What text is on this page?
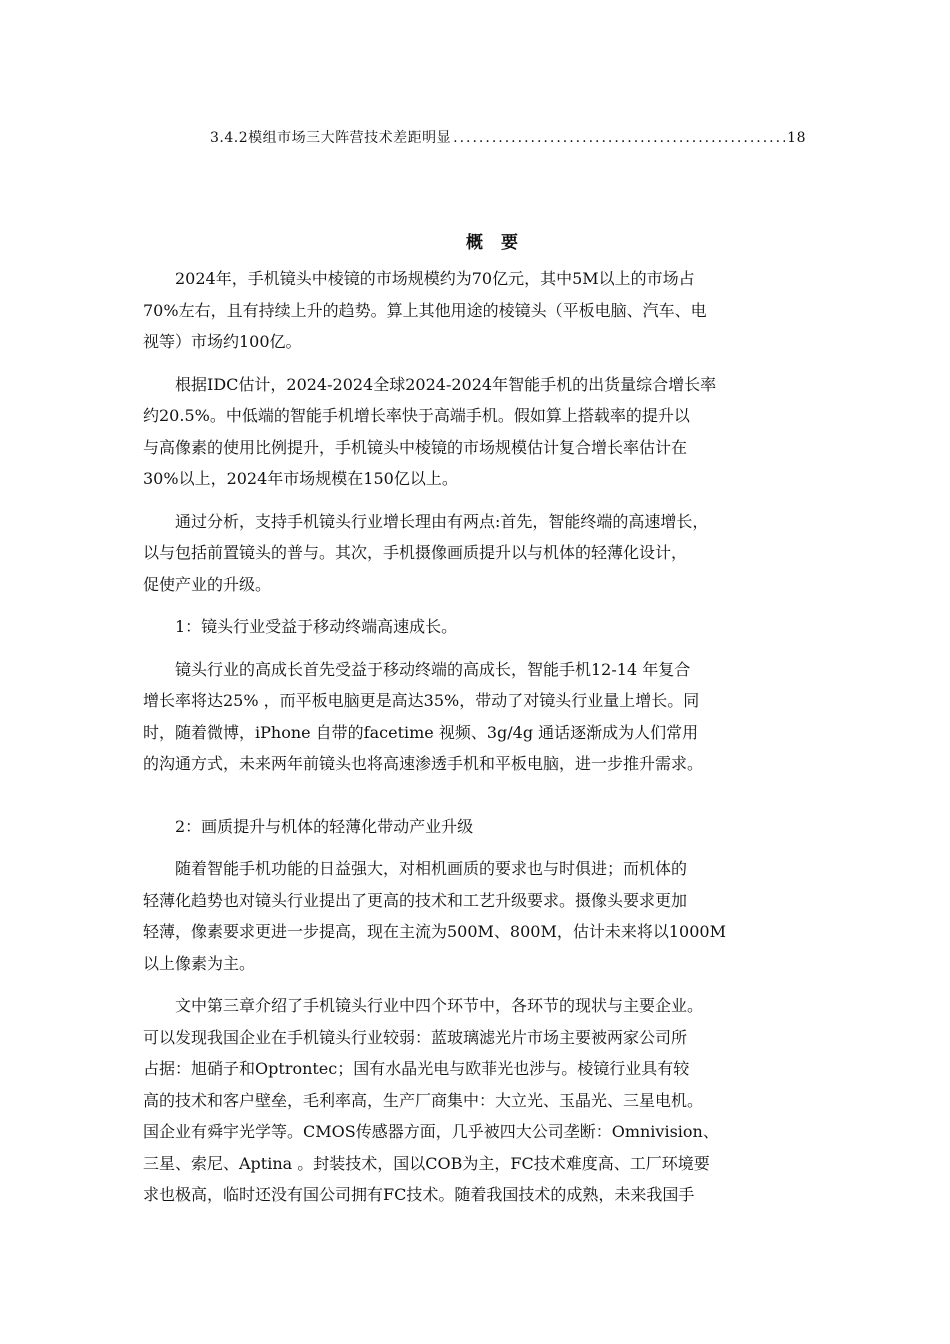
3.4.2模组市场三大阵营技术差距明显
.....	18
概 要

2024年，手机镜头中棱镜的市场规模约为70亿元，其中5M以上的市场占
70%左右，且有持续上升的趋势。算上其他用途的棱镜头（平板电脑、汽车、电
视等）市场约100亿。

根据IDC估计，2024-2024全球2024-2024年智能手机的出货量综合增长率
约20.5%。中低端的智能手机增长率快于高端手机。假如算上搭载率的提升以
与高像素的使用比例提升，手机镜头中棱镜的市场规模估计复合增长率估计在
30%以上，2024年市场规模在150亿以上。

通过分析，支持手机镜头行业增长理由有两点:首先，智能终端的高速增长，
以与包括前置镜头的普与。其次，手机摄像画质提升以与机体的轻薄化设计，
促使产业的升级。

1：镜头行业受益于移动终端高速成长。

镜头行业的高成长首先受益于移动终端的高成长，智能手机12-14 年复合
增长率将达25% ，而平板电脑更是高达35%，带动了对镜头行业量上增长。同
时，随着微博，iPhone 自带的facetime 视频、3g/4g 通话逐渐成为人们常用
的沟通方式，未来两年前镜头也将高速渗透手机和平板电脑，进一步推升需求。

2：画质提升与机体的轻薄化带动产业升级

随着智能手机功能的日益强大，对相机画质的要求也与时俱进；而机体的
轻薄化趋势也对镜头行业提出了更高的技术和工艺升级要求。摄像头要求更加
轻薄，像素要求更进一步提高，现在主流为500M、800M，估计未来将以1000M
以上像素为主。

文中第三章介绍了手机镜头行业中四个环节中，各环节的现状与主要企业。
可以发现我国企业在手机镜头行业较弱：蓝玻璃滤光片市场主要被两家公司所
占据：旭硝子和Optrontec；国有水晶光电与欧菲光也涉与。棱镜行业具有较
高的技术和客户壁垒，毛利率高，生产厂商集中：大立光、玉晶光、三星电机。
国企业有舜宇光学等。CMOS传感器方面，几乎被四大公司垄断：Omnivision、
三星、索尼、Aptina 。封装技术，国以COB为主，FC技术难度高、工厂环境要
求也极高，临时还没有国公司拥有FC技术。随着我国技术的成熟，未来我国手
